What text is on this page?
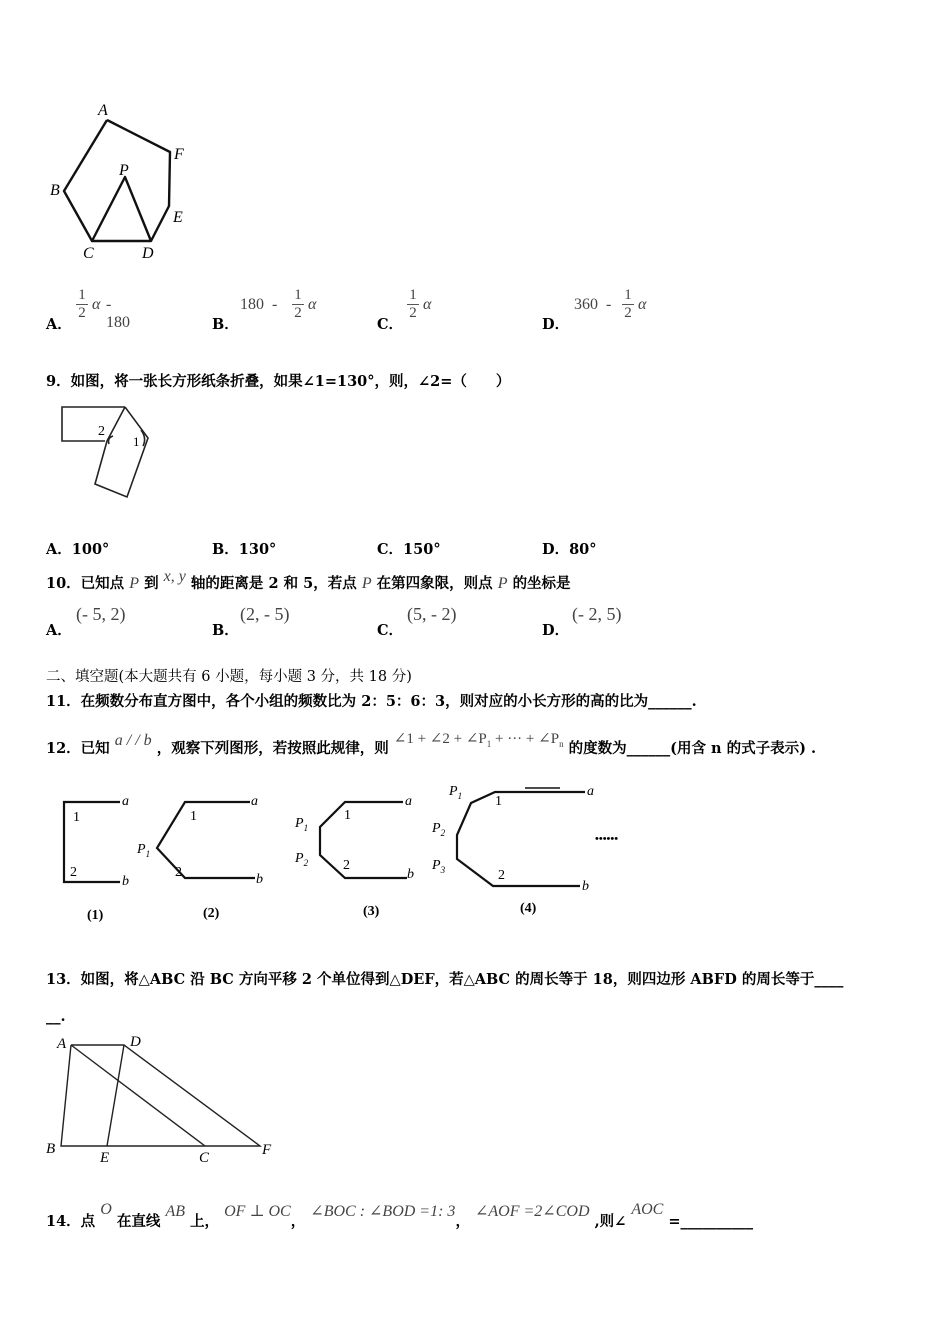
A
F
B
P
E
C	D
A．
1
2 α - 180	B．
180  -
1
2 α
C．
1
2 α
D．
360  -
1
2 α
9．如图，将一张长方形纸条折叠，如果∠1=130°，则，∠2=（　　）
2
1
A．100°	B．130°	C．150°	D．80°
10．已知点 P 到 x, y 轴的距离是 2 和 5，若点 P 在第四象限，则点 P 的坐标是
A．
(- 5, 2)
B．
(2, - 5)
C．
(5, - 2)
D．
(- 2, 5)
二、填空题(本大题共有 6 小题，每小题 3 分，共 18 分)
11．在频数分布直方图中，各个小组的频数比为 2：5：6：3，则对应的小长方形的高的比为______.
12．已知 a / / b ，观察下列图形，若按照此规律，则 ∠1 + ∠2 + $\angle P_1$ + ··· + $\angle P_n$ 的度数为______(用含 n 的式子表示) .
a
b
1
2
a
b
1
2
$P_1$
a
b
1
2
$P_1$
$P_2$
a
b
1
2
$P_1$
$P_2$
$P_3$
••••••
(1)	(2)	(3)	(4)
13．如图，将△ABC 沿 BC 方向平移 2 个单位得到△DEF，若△ABC 的周长等于 18，则四边形 ABFD 的周长等于____
__.
A	D
B
E	C	F
14．点 O 在直线 AB 上， OF ⊥ OC， ∠BOC : ∠BOD =1: 3， ∠AOF =2∠COD ,则∠ AOC =__________
